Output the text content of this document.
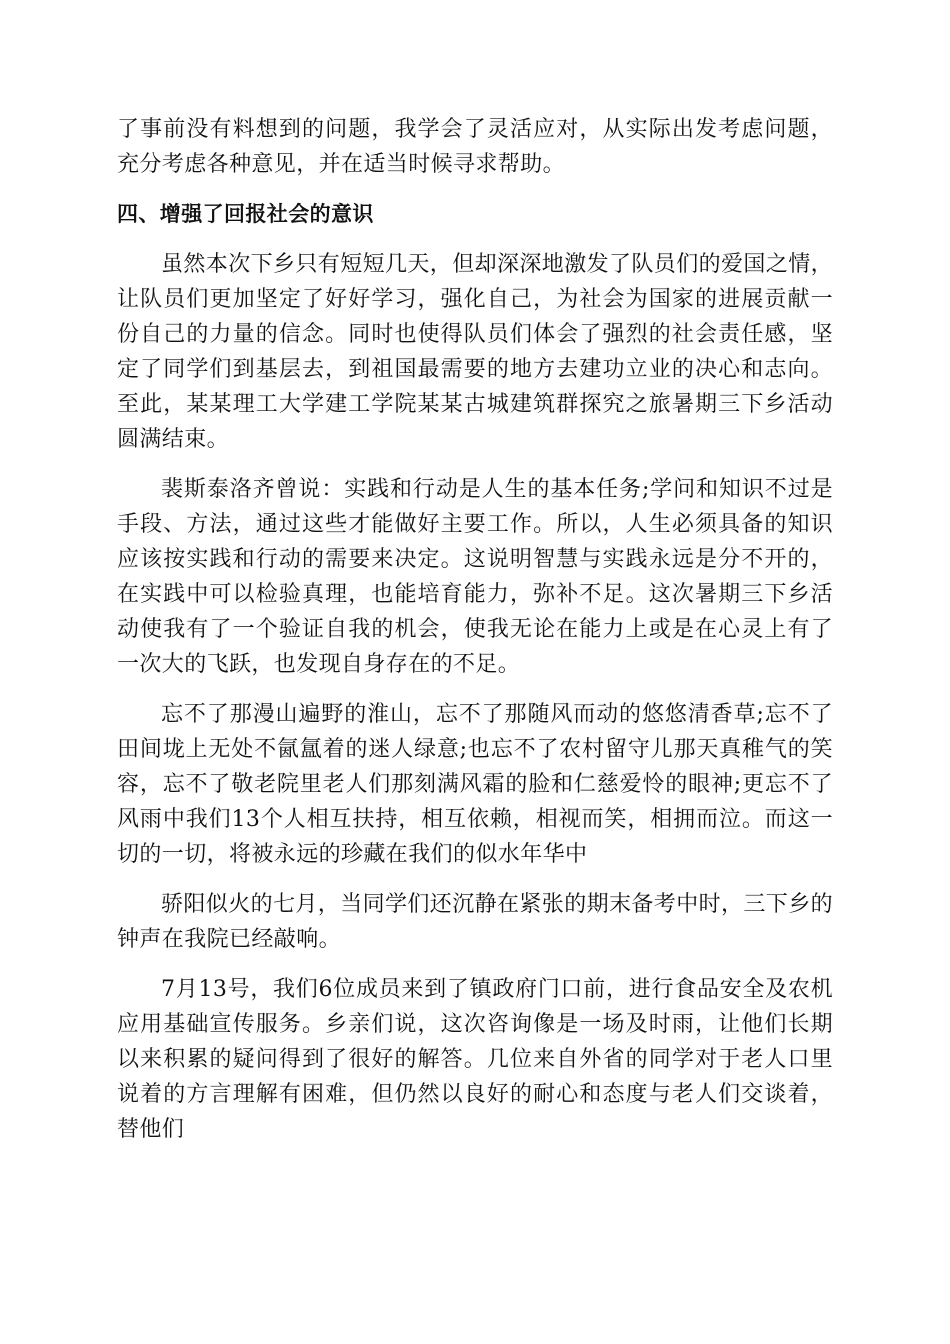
了事前没有料想到的问题，我学会了灵活应对，从实际出发考虑问题，充分考虑各种意见，并在适当时候寻求帮助。

四、增强了回报社会的意识

虽然本次下乡只有短短几天，但却深深地激发了队员们的爱国之情，让队员们更加坚定了好好学习，强化自己，为社会为国家的进展贡献一份自己的力量的信念。同时也使得队员们体会了强烈的社会责任感，坚定了同学们到基层去，到祖国最需要的地方去建功立业的决心和志向。至此，某某理工大学建工学院某某古城建筑群探究之旅暑期三下乡活动圆满结束。

裴斯泰洛齐曾说：实践和行动是人生的基本任务;学问和知识不过是手段、方法，通过这些才能做好主要工作。所以，人生必须具备的知识应该按实践和行动的需要来决定。这说明智慧与实践永远是分不开的，在实践中可以检验真理，也能培育能力，弥补不足。这次暑期三下乡活动使我有了一个验证自我的机会，使我无论在能力上或是在心灵上有了一次大的飞跃，也发现自身存在的不足。

忘不了那漫山遍野的淮山，忘不了那随风而动的悠悠清香草;忘不了田间垅上无处不氤氲着的迷人绿意;也忘不了农村留守儿那天真稚气的笑容，忘不了敬老院里老人们那刻满风霜的脸和仁慈爱怜的眼神;更忘不了风雨中我们13个人相互扶持，相互依赖，相视而笑，相拥而泣。而这一切的一切，将被永远的珍藏在我们的似水年华中

骄阳似火的七月，当同学们还沉静在紧张的期末备考中时，三下乡的钟声在我院已经敲响。

7月13号，我们6位成员来到了镇政府门口前，进行食品安全及农机应用基础宣传服务。乡亲们说，这次咨询像是一场及时雨，让他们长期以来积累的疑问得到了很好的解答。几位来自外省的同学对于老人口里说着的方言理解有困难，但仍然以良好的耐心和态度与老人们交谈着，替他们
